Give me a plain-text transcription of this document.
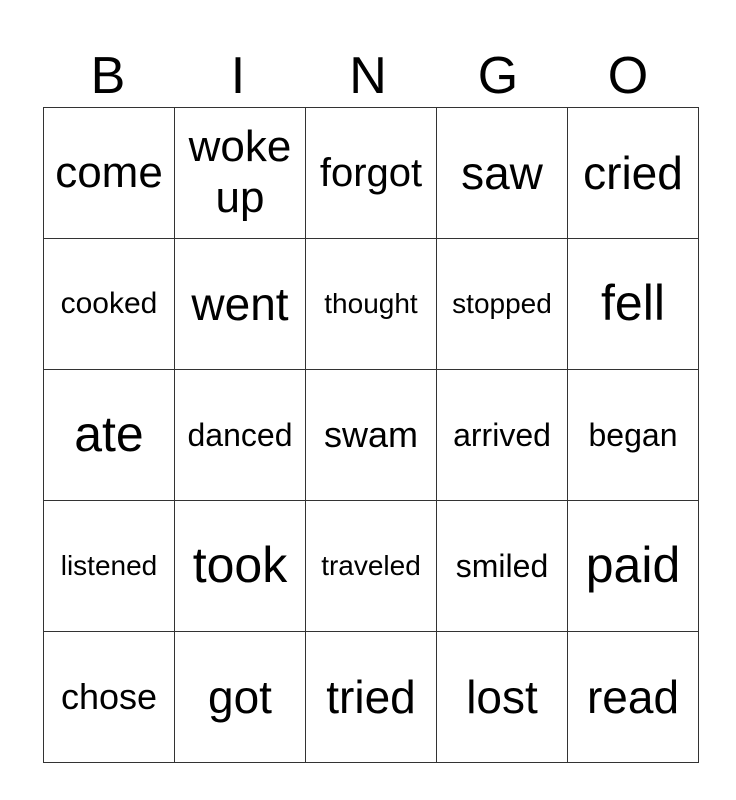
B	I	N	G	O
come	woke up	forgot	saw	cried

cooked	went	thought	stopped	fell

ate	danced	swam	arrived	began

listened	took	traveled	smiled	paid

chose	got	tried	lost	read
